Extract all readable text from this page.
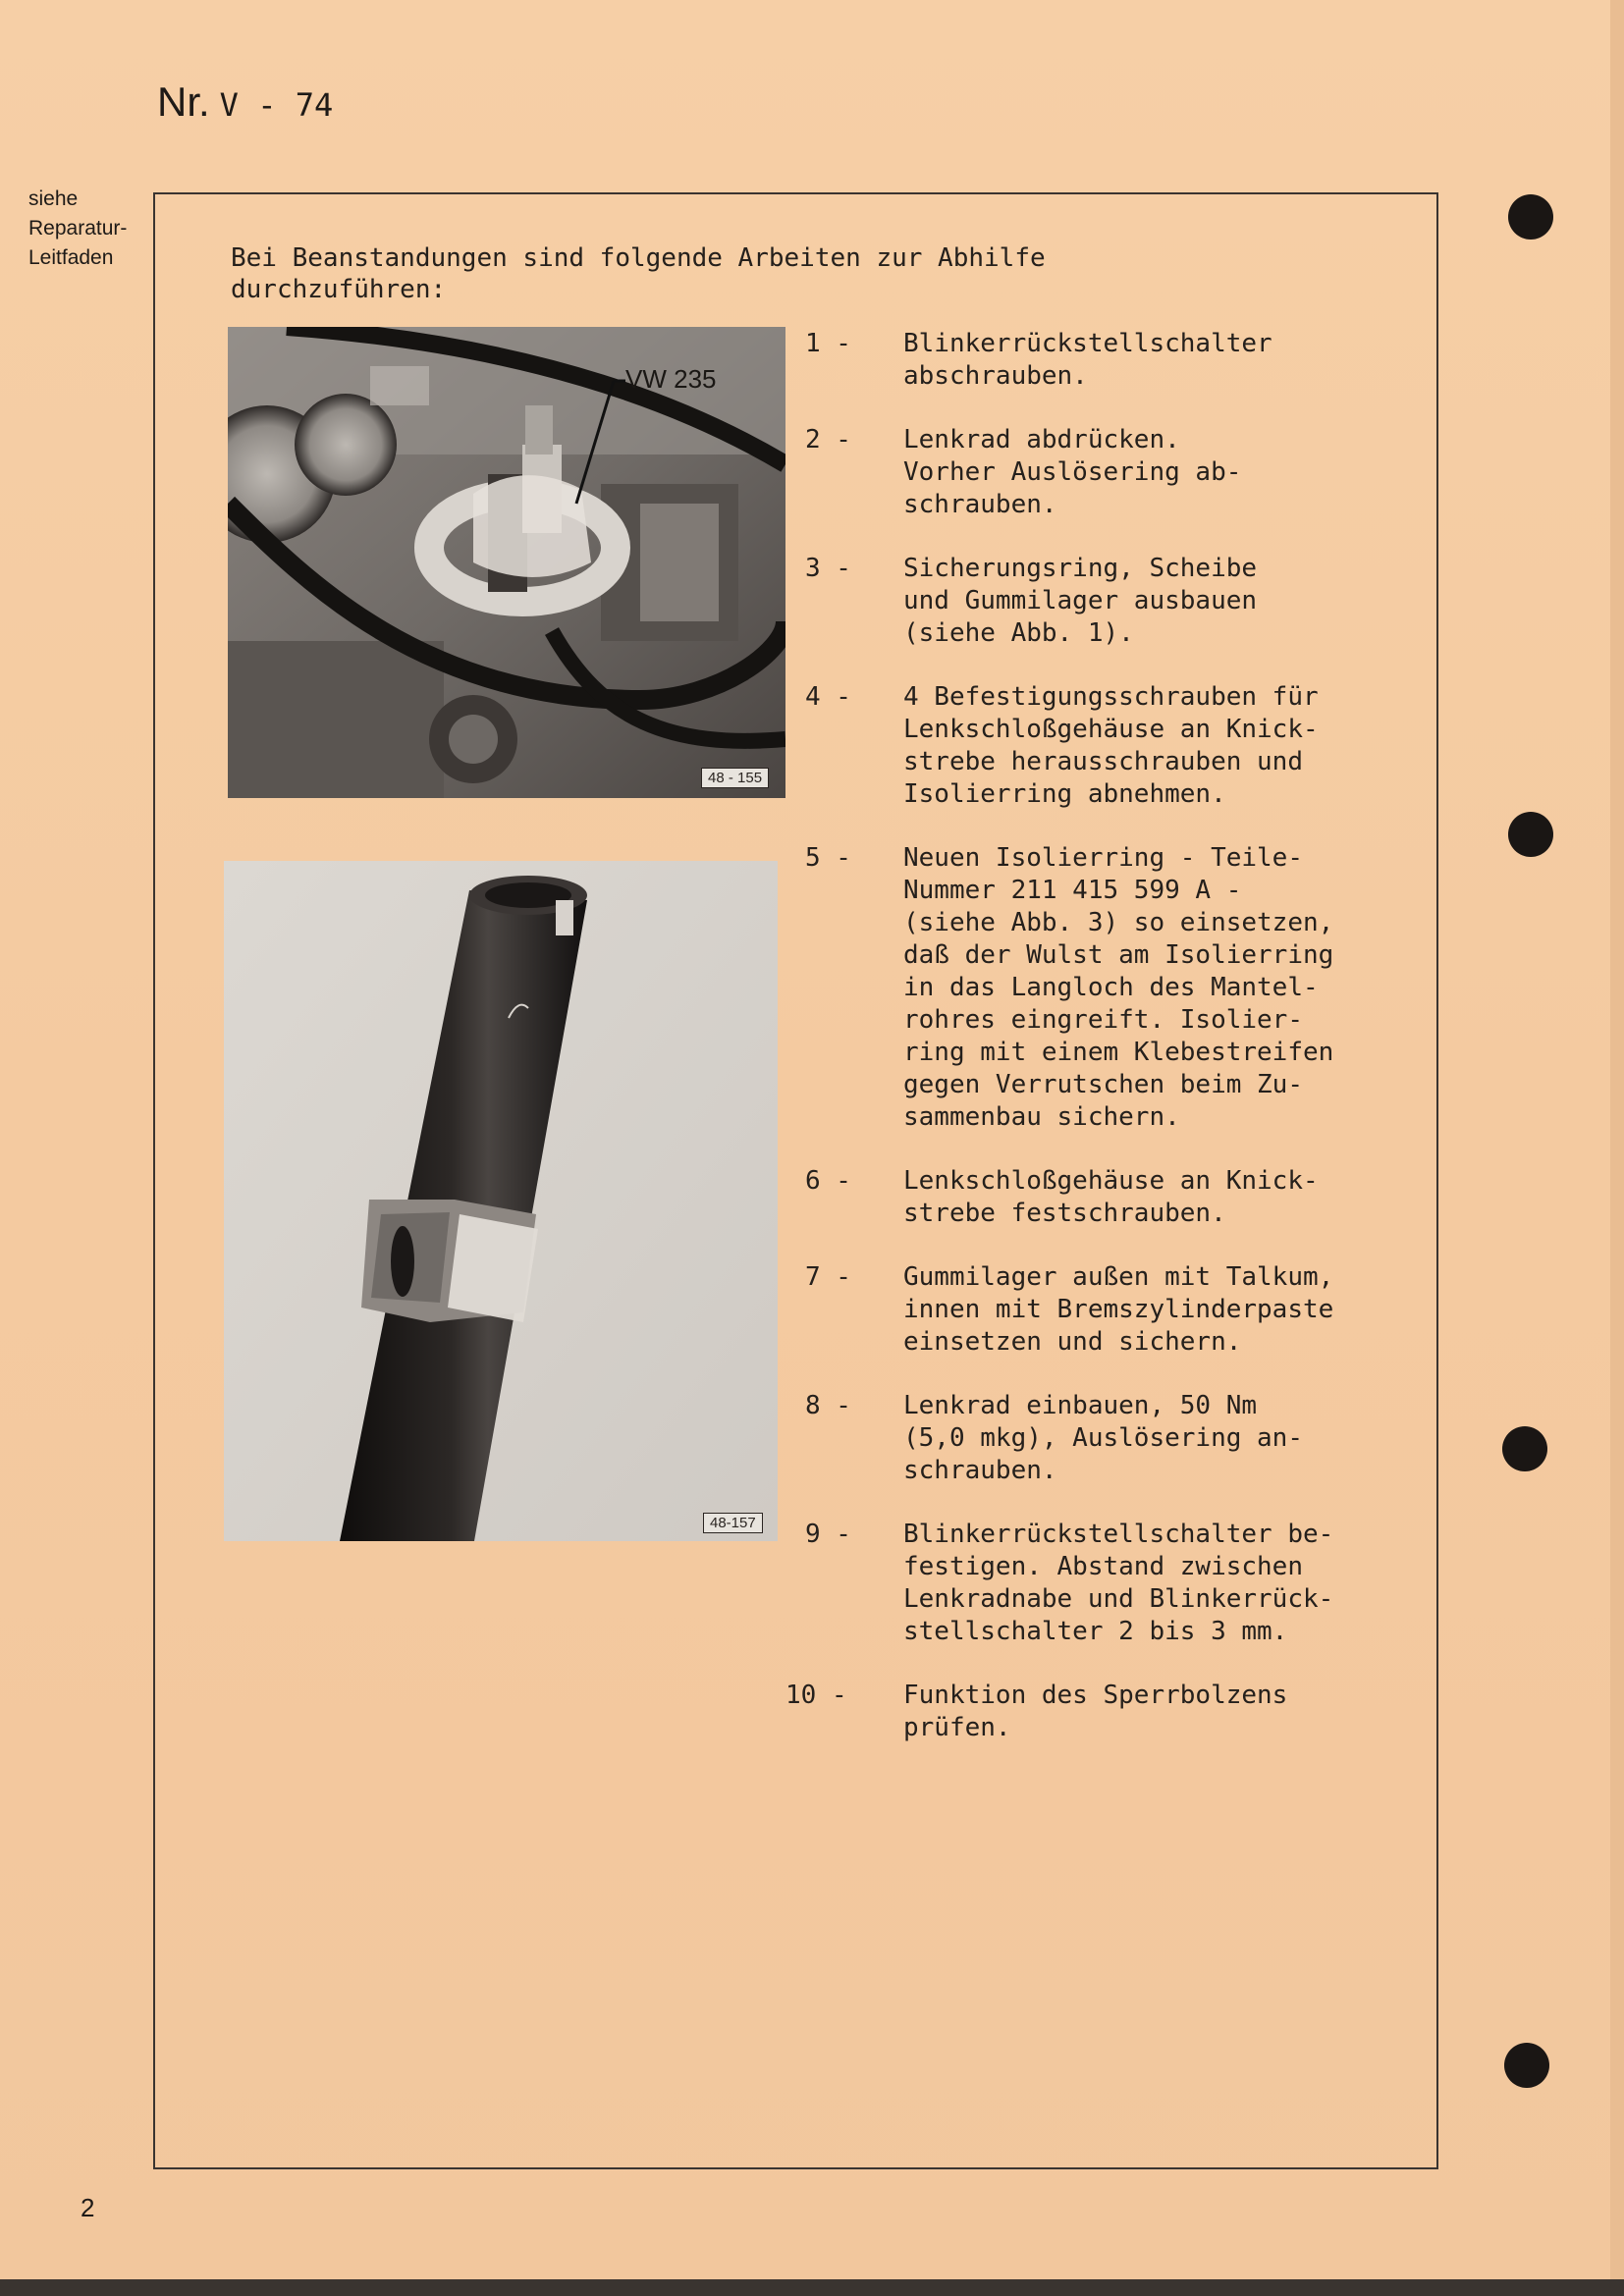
Nr. V - 74
siehe
Reparatur-
Leitfaden	Bei Beanstandungen sind folgende Arbeiten zur Abhilfe
durchzuführen:
VW 235
48 - 155
48-157
1 -	Blinkerrückstellschalter
abschrauben.
2 -	Lenkrad abdrücken.
Vorher Auslösering ab-
schrauben.
3 -	Sicherungsring, Scheibe
und Gummilager ausbauen
(siehe Abb. 1).
4 -	4 Befestigungsschrauben für
Lenkschloßgehäuse an Knick-
strebe herausschrauben und
Isolierring abnehmen.
5 -	Neuen Isolierring - Teile-
Nummer 211 415 599 A -
(siehe Abb. 3) so einsetzen,
daß der Wulst am Isolierring
in das Langloch des Mantel-
rohres eingreift. Isolier-
ring mit einem Klebestreifen
gegen Verrutschen beim Zu-
sammenbau sichern.
6 -	Lenkschloßgehäuse an Knick-
strebe festschrauben.
7 -	Gummilager außen mit Talkum,
innen mit Bremszylinderpaste
einsetzen und sichern.
8 -	Lenkrad einbauen, 50 Nm
(5,0 mkg), Auslösering an-
schrauben.
9 -	Blinkerrückstellschalter be-
festigen. Abstand zwischen
Lenkradnabe und Blinkerrück-
stellschalter 2 bis 3 mm.
10 -	Funktion des Sperrbolzens
prüfen.
2
